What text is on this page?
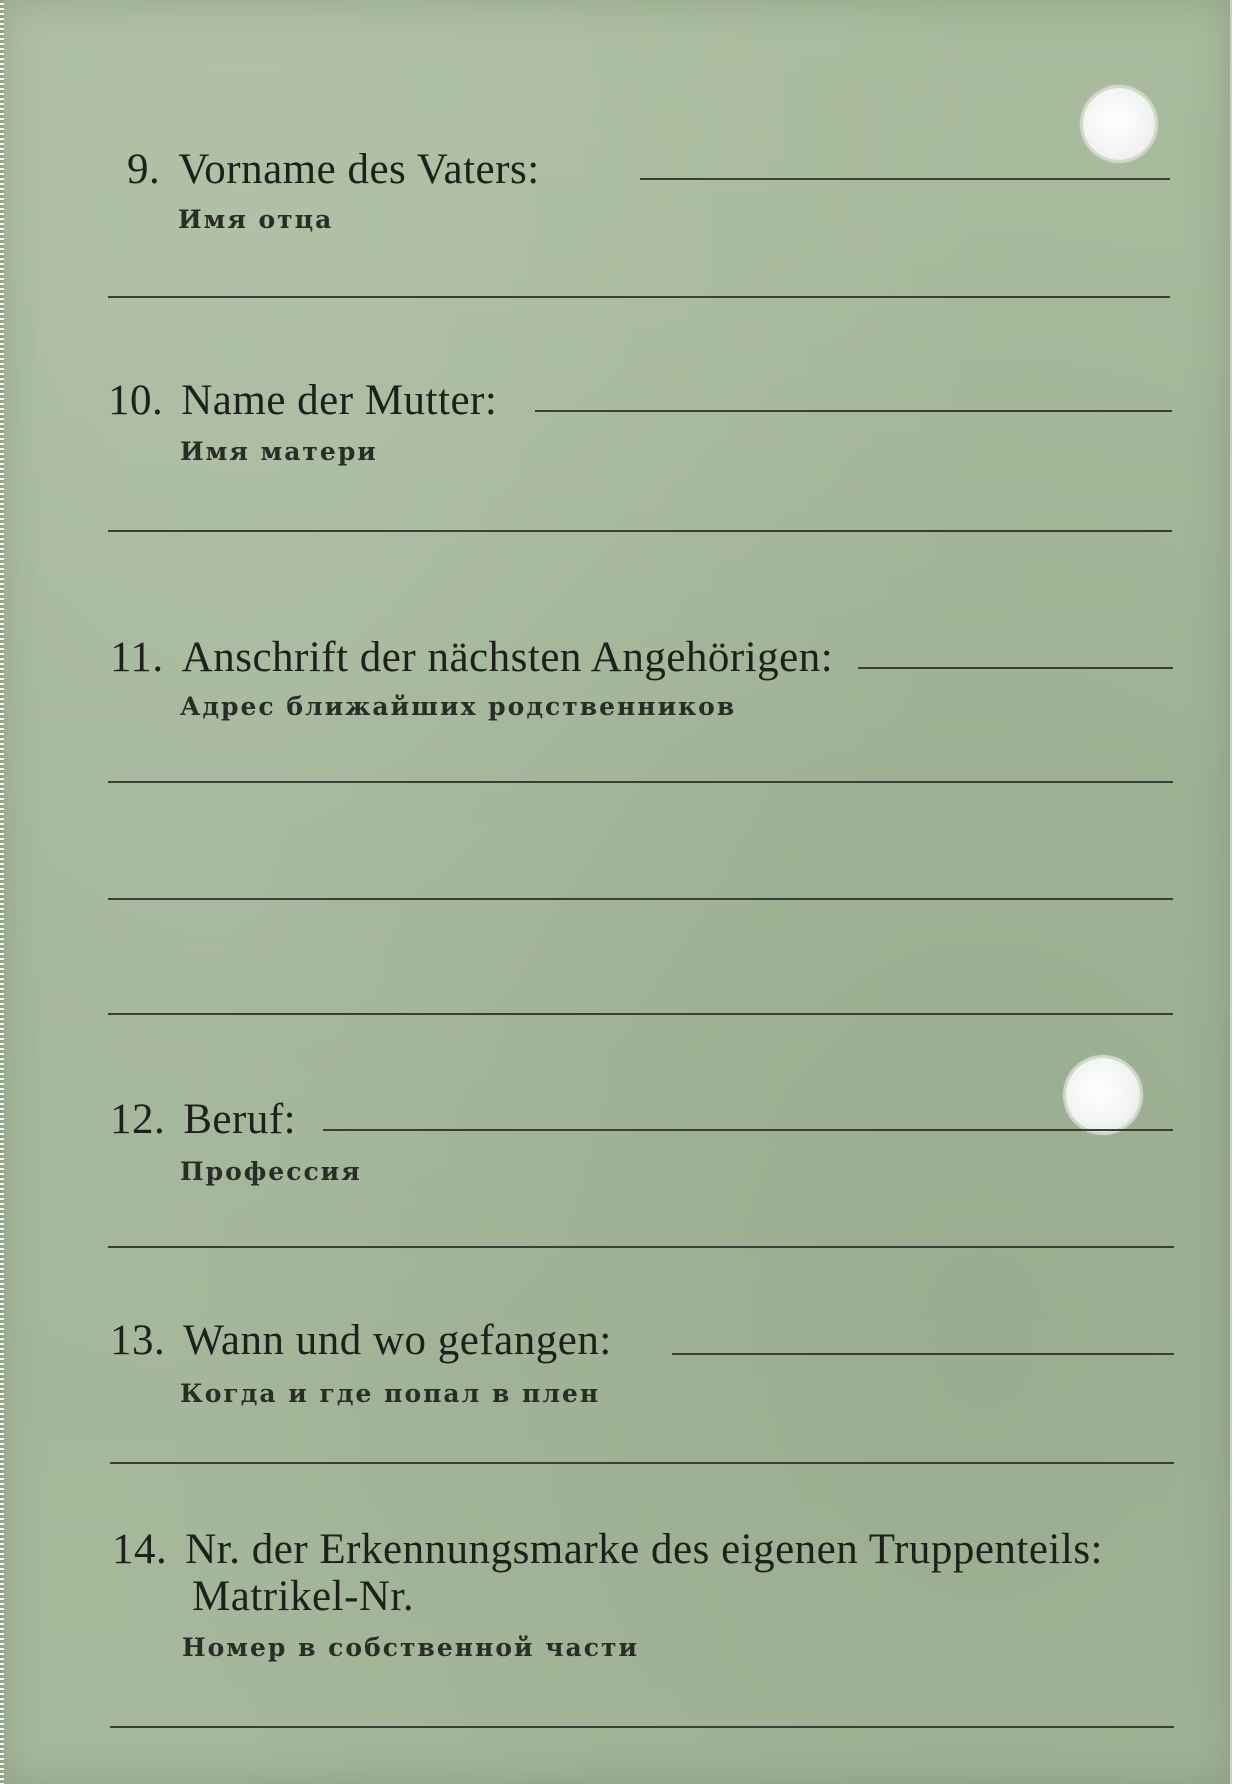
9. Vorname des Vaters:
Имя отца
10. Name der Mutter:
Имя матери
11. Anschrift der nächsten Angehörigen:
Адрес ближайших родственников
12. Beruf:
Профессия
13. Wann und wo gefangen:
Когда и где попал в плен
14. Nr. der Erkennungsmarke des eigenen Truppenteils:
Matrikel-Nr.
Номер в собственной части
